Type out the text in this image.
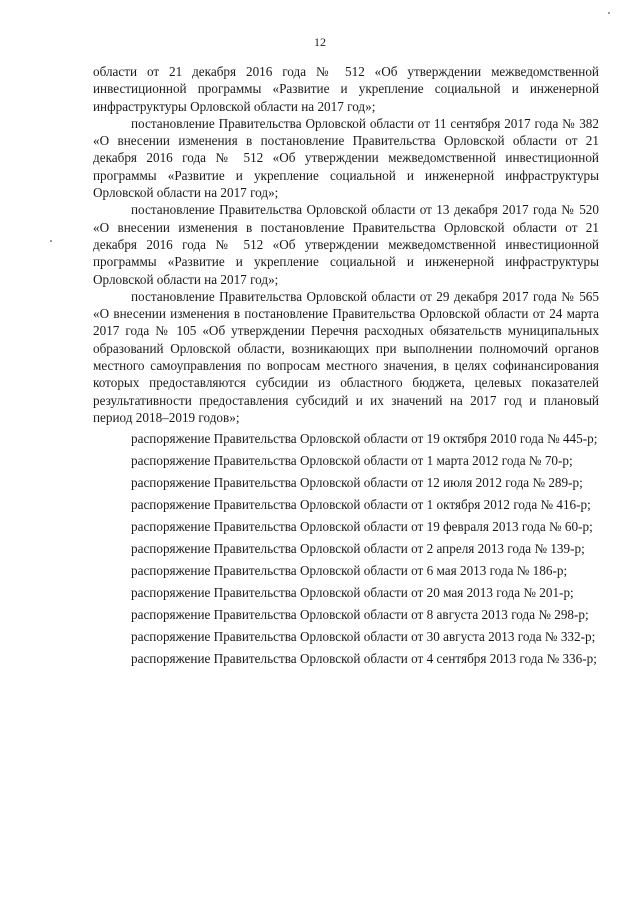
12

области от 21 декабря 2016 года № 512 «Об утверждении межведомственной инвестиционной программы «Развитие и укрепление социальной и инженерной инфраструктуры Орловской области на 2017 год»;

постановление Правительства Орловской области от 11 сентября 2017 года № 382 «О внесении изменения в постановление Правительства Орловской области от 21 декабря 2016 года № 512 «Об утверждении межведомственной инвестиционной программы «Развитие и укрепление социальной и инженерной инфраструктуры Орловской области на 2017 год»;

постановление Правительства Орловской области от 13 декабря 2017 года № 520 «О внесении изменения в постановление Правительства Орловской области от 21 декабря 2016 года № 512 «Об утверждении межведомственной инвестиционной программы «Развитие и укрепление социальной и инженерной инфраструктуры Орловской области на 2017 год»;

постановление Правительства Орловской области от 29 декабря 2017 года № 565 «О внесении изменения в постановление Правительства Орловской области от 24 марта 2017 года № 105 «Об утверждении Перечня расходных обязательств муниципальных образований Орловской области, возникающих при выполнении полномочий органов местного самоуправления по вопросам местного значения, в целях софинансирования которых предоставляются субсидии из областного бюджета, целевых показателей результативности предоставления субсидий и их значений на 2017 год и плановый период 2018–2019 годов»;

распоряжение Правительства Орловской области от 19 октября 2010 года № 445-р;

распоряжение Правительства Орловской области от 1 марта 2012 года № 70-р;

распоряжение Правительства Орловской области от 12 июля 2012 года № 289-р;

распоряжение Правительства Орловской области от 1 октября 2012 года № 416-р;

распоряжение Правительства Орловской области от 19 февраля 2013 года № 60-р;

распоряжение Правительства Орловской области от 2 апреля 2013 года № 139-р;

распоряжение Правительства Орловской области от 6 мая 2013 года № 186-р;

распоряжение Правительства Орловской области от 20 мая 2013 года № 201-р;

распоряжение Правительства Орловской области от 8 августа 2013 года № 298-р;

распоряжение Правительства Орловской области от 30 августа 2013 года № 332-р;

распоряжение Правительства Орловской области от 4 сентября 2013 года № 336-р;
